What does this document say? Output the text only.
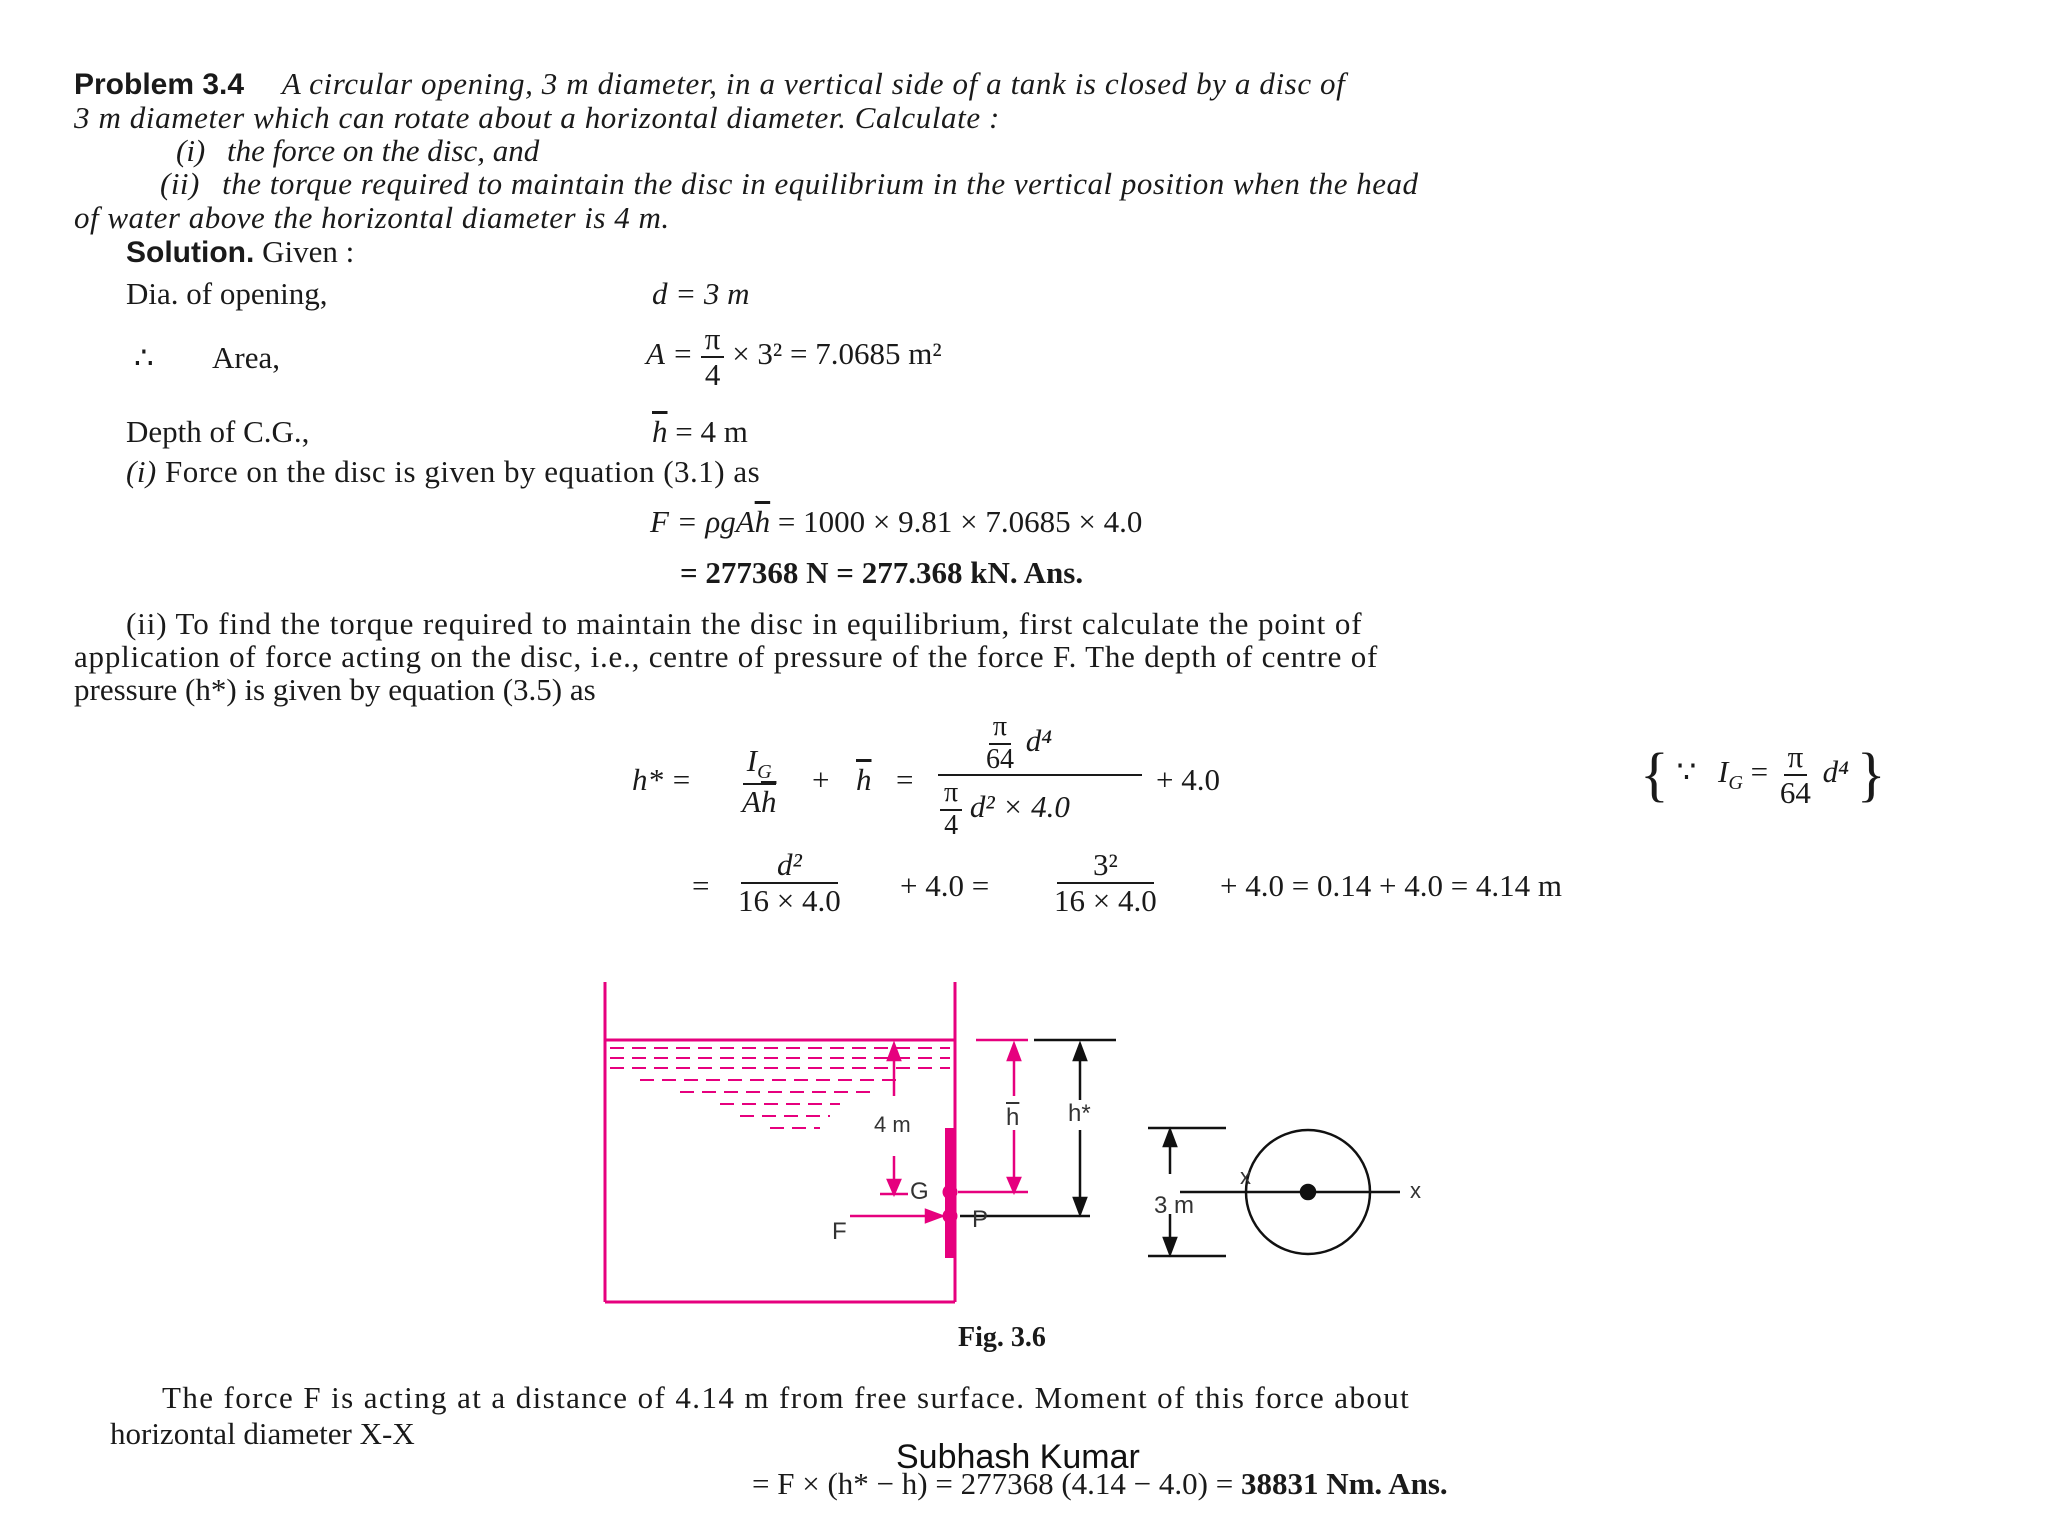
Problem 3.4 A circular opening, 3 m diameter, in a vertical side of a tank is closed by a disc of
3 m diameter which can rotate about a horizontal diameter. Calculate :
(i) the force on the disc, and
(ii) the torque required to maintain the disc in equilibrium in the vertical position when the head
of water above the horizontal diameter is 4 m.
Solution. Given :
Dia. of opening,	d = 3 m
∴ Area,	$A = \frac{\pi}{4} \times 3^2 = 7.0685$ m²
Depth of C.G.,	$\overline{h} = 4$ m
(i) Force on the disc is given by equation (3.1) as
$F = \rho gA\overline{h} = 1000 \times 9.81 \times 7.0685 \times 4.0$
= 277368 N = 277.368 kN. Ans.
(ii) To find the torque required to maintain the disc in equilibrium, first calculate the point of
application of force acting on the disc, i.e., centre of pressure of the force F. The depth of centre of
pressure (h*) is given by equation (3.5) as
$h* = \frac{I_G}{A\overline{h}} + \overline{h}$ =
$\frac{\pi}{64} d^4$
$\frac{\pi}{4} d^2 \times 4.0$
+ 4.0	{ ∵ $I_G = \frac{\pi}{64} d^4$ }
= $\frac{\text{d²}}{16 \times 4.0} + 4.0 = \frac{\text{3²}}{16 \times 4.0} + 4.0 = 0.14 + 4.0 = 4.14$ m
4 m	$\overline{h}$ h*
G
P
F
3 m
x
x
Fig. 3.6
The force F is acting at a distance of 4.14 m from free surface. Moment of this force about
horizontal diameter X-X
= F × (h* − h) = 277368 (4.14 − 4.0) = 38831 Nm. Ans.
Subhash Kumar
